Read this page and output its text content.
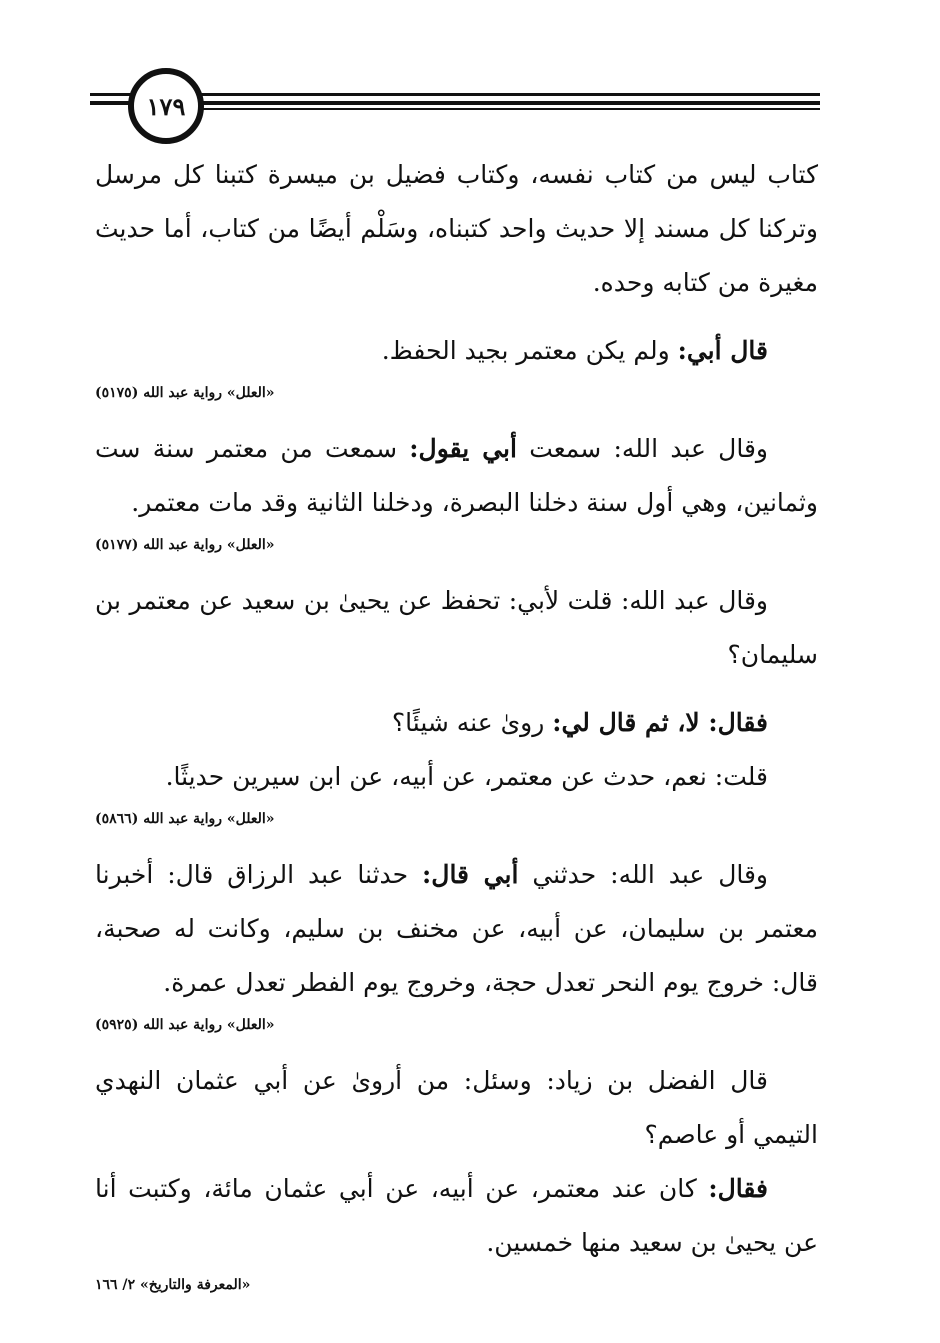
١٧٩

كتاب ليس من كتاب نفسه، وكتاب فضيل بن ميسرة كتبنا كل مرسل وتركنا كل مسند إلا حديث واحد كتبناه، وسَلْم أيضًا من كتاب، أما حديث مغيرة من كتابه وحده.

قال أبي: ولم يكن معتمر بجيد الحفظ.

«العلل» رواية عبد الله (٥١٧٥)

وقال عبد الله: سمعت أبي يقول: سمعت من معتمر سنة ست وثمانين، وهي أول سنة دخلنا البصرة، ودخلنا الثانية وقد مات معتمر.

«العلل» رواية عبد الله (٥١٧٧)

وقال عبد الله: قلت لأبي: تحفظ عن يحيىٰ بن سعيد عن معتمر بن سليمان؟

فقال: لا، ثم قال لي: رویٰ عنه شيئًا؟

قلت: نعم، حدث عن معتمر، عن أبيه، عن ابن سيرين حديثًا.

«العلل» رواية عبد الله (٥٨٦٦)

وقال عبد الله: حدثني أبي قال: حدثنا عبد الرزاق قال: أخبرنا معتمر بن سليمان، عن أبيه، عن مخنف بن سليم، وكانت له صحبة، قال: خروج يوم النحر تعدل حجة، وخروج يوم الفطر تعدل عمرة.

«العلل» رواية عبد الله (٥٩٢٥)

قال الفضل بن زياد: وسئل: من أرویٰ عن أبي عثمان النهدي التيمي أو عاصم؟

فقال: كان عند معتمر، عن أبيه، عن أبي عثمان مائة، وكتبت أنا عن يحيىٰ بن سعيد منها خمسين.

«المعرفة والتاريخ» ٢/ ١٦٦
